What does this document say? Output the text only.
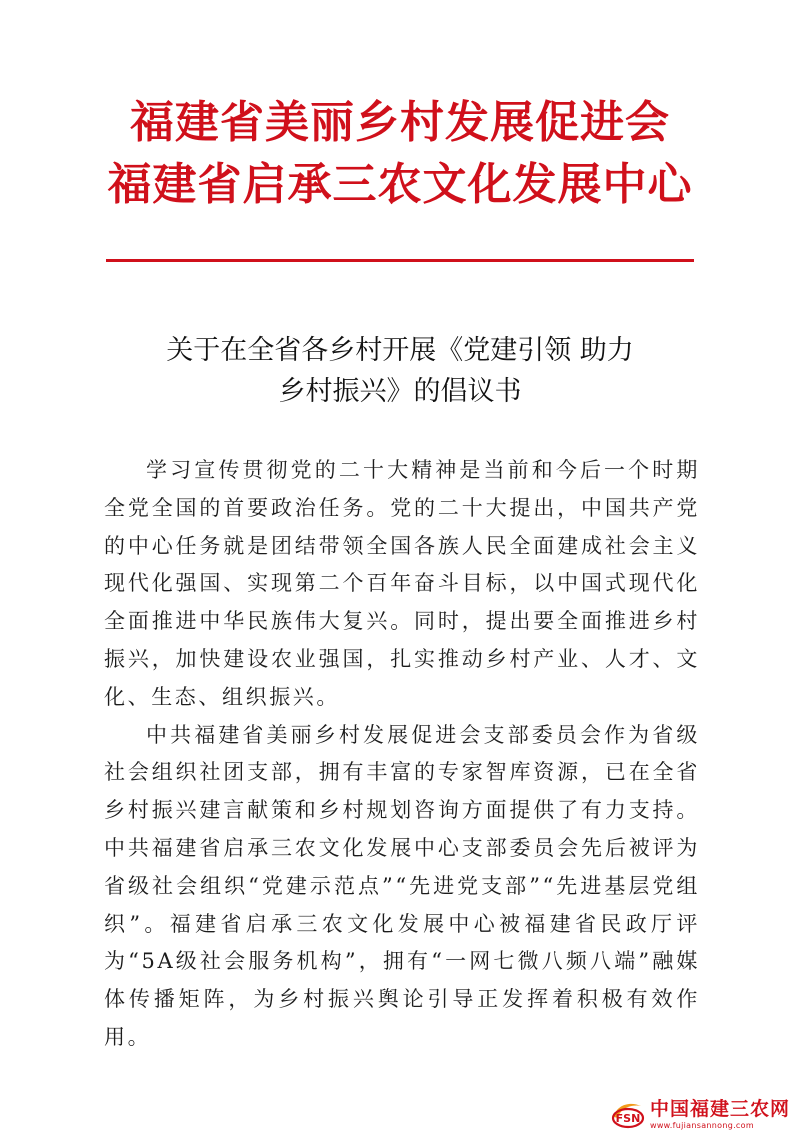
福建省美丽乡村发展促进会
福建省启承三农文化发展中心
关于在全省各乡村开展《党建引领 助力
乡村振兴》的倡议书

学习宣传贯彻党的二十大精神是当前和今后一个时期全党全国的首要政治任务。党的二十大提出，中国共产党的中心任务就是团结带领全国各族人民全面建成社会主义现代化强国、实现第二个百年奋斗目标，以中国式现代化全面推进中华民族伟大复兴。同时，提出要全面推进乡村振兴，加快建设农业强国，扎实推动乡村产业、人才、文化、生态、组织振兴。

中共福建省美丽乡村发展促进会支部委员会作为省级社会组织社团支部，拥有丰富的专家智库资源，已在全省乡村振兴建言献策和乡村规划咨询方面提供了有力支持。中共福建省启承三农文化发展中心支部委员会先后被评为省级社会组织“党建示范点”“先进党支部”“先进基层党组织”。福建省启承三农文化发展中心被福建省民政厅评为“5A级社会服务机构”，拥有“一网七微八频八端”融媒体传播矩阵，为乡村振兴舆论引导正发挥着积极有效作用。

FSN 中国福建三农网
www.fujiansannong.com
